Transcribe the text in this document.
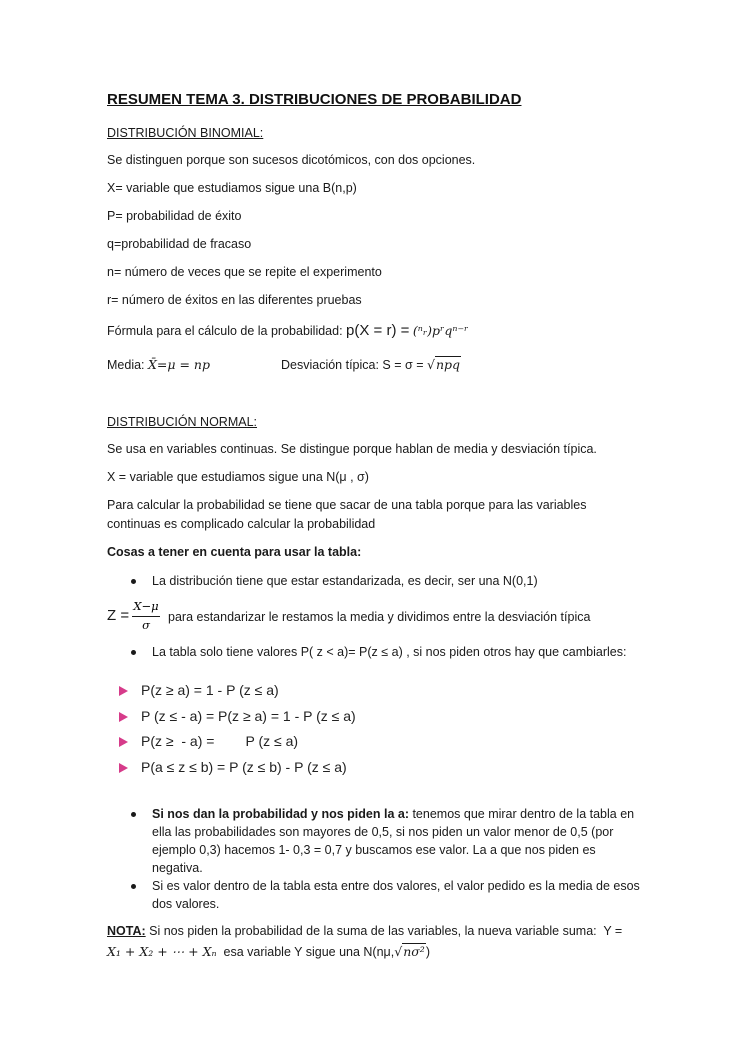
RESUMEN TEMA 3. DISTRIBUCIONES DE PROBABILIDAD
DISTRIBUCIÓN BINOMIAL:
Se distinguen porque son sucesos dicotómicos, con dos opciones.
X= variable que estudiamos sigue una B(n,p)
P= probabilidad de éxito
q=probabilidad de fracaso
n= número de veces que se repite el experimento
r= número de éxitos en las diferentes pruebas
Fórmula para el cálculo de la probabilidad: p(X = r) = (ⁿᵣ)pʳqⁿ⁻ʳ
Media: X̄=μ = np	Desviación típica: S = σ = √npq
DISTRIBUCIÓN NORMAL:
Se usa en variables continuas. Se distingue porque hablan de media y desviación típica.
X = variable que estudiamos sigue una N(μ , σ)
Para calcular la probabilidad se tiene que sacar de una tabla porque para las variables
continuas es complicado calcular la probabilidad
Cosas a tener en cuenta para usar la tabla:
La distribución tiene que estar estandarizada, es decir, ser una N(0,1)
Z =
X−μ
σ
para estandarizar le restamos la media y dividimos entre la desviación típica
La tabla solo tiene valores P( z < a)= P(z ≤ a) , si nos piden otros hay que cambiarles:
P(z ≥ a) = 1 - P (z ≤ a)
P (z ≤ - a) = P(z ≥ a) = 1 - P (z ≤ a)
P(z ≥  - a) =        P (z ≤ a)
P(a ≤ z ≤ b) = P (z ≤ b) - P (z ≤ a)
Si nos dan la probabilidad y nos piden la a: tenemos que mirar dentro de la tabla en
ella las probabilidades son mayores de 0,5, si nos piden un valor menor de 0,5 (por
ejemplo 0,3) hacemos 1- 0,3 = 0,7 y buscamos ese valor. La a que nos piden es
negativa.
Si es valor dentro de la tabla esta entre dos valores, el valor pedido es la media de esos
dos valores.
NOTA: Si nos piden la probabilidad de la suma de las variables, la nueva variable suma:  Y =
X₁ + X₂ + ⋯ + Xₙ  esa variable Y sigue una N(nμ,√nσ²)
